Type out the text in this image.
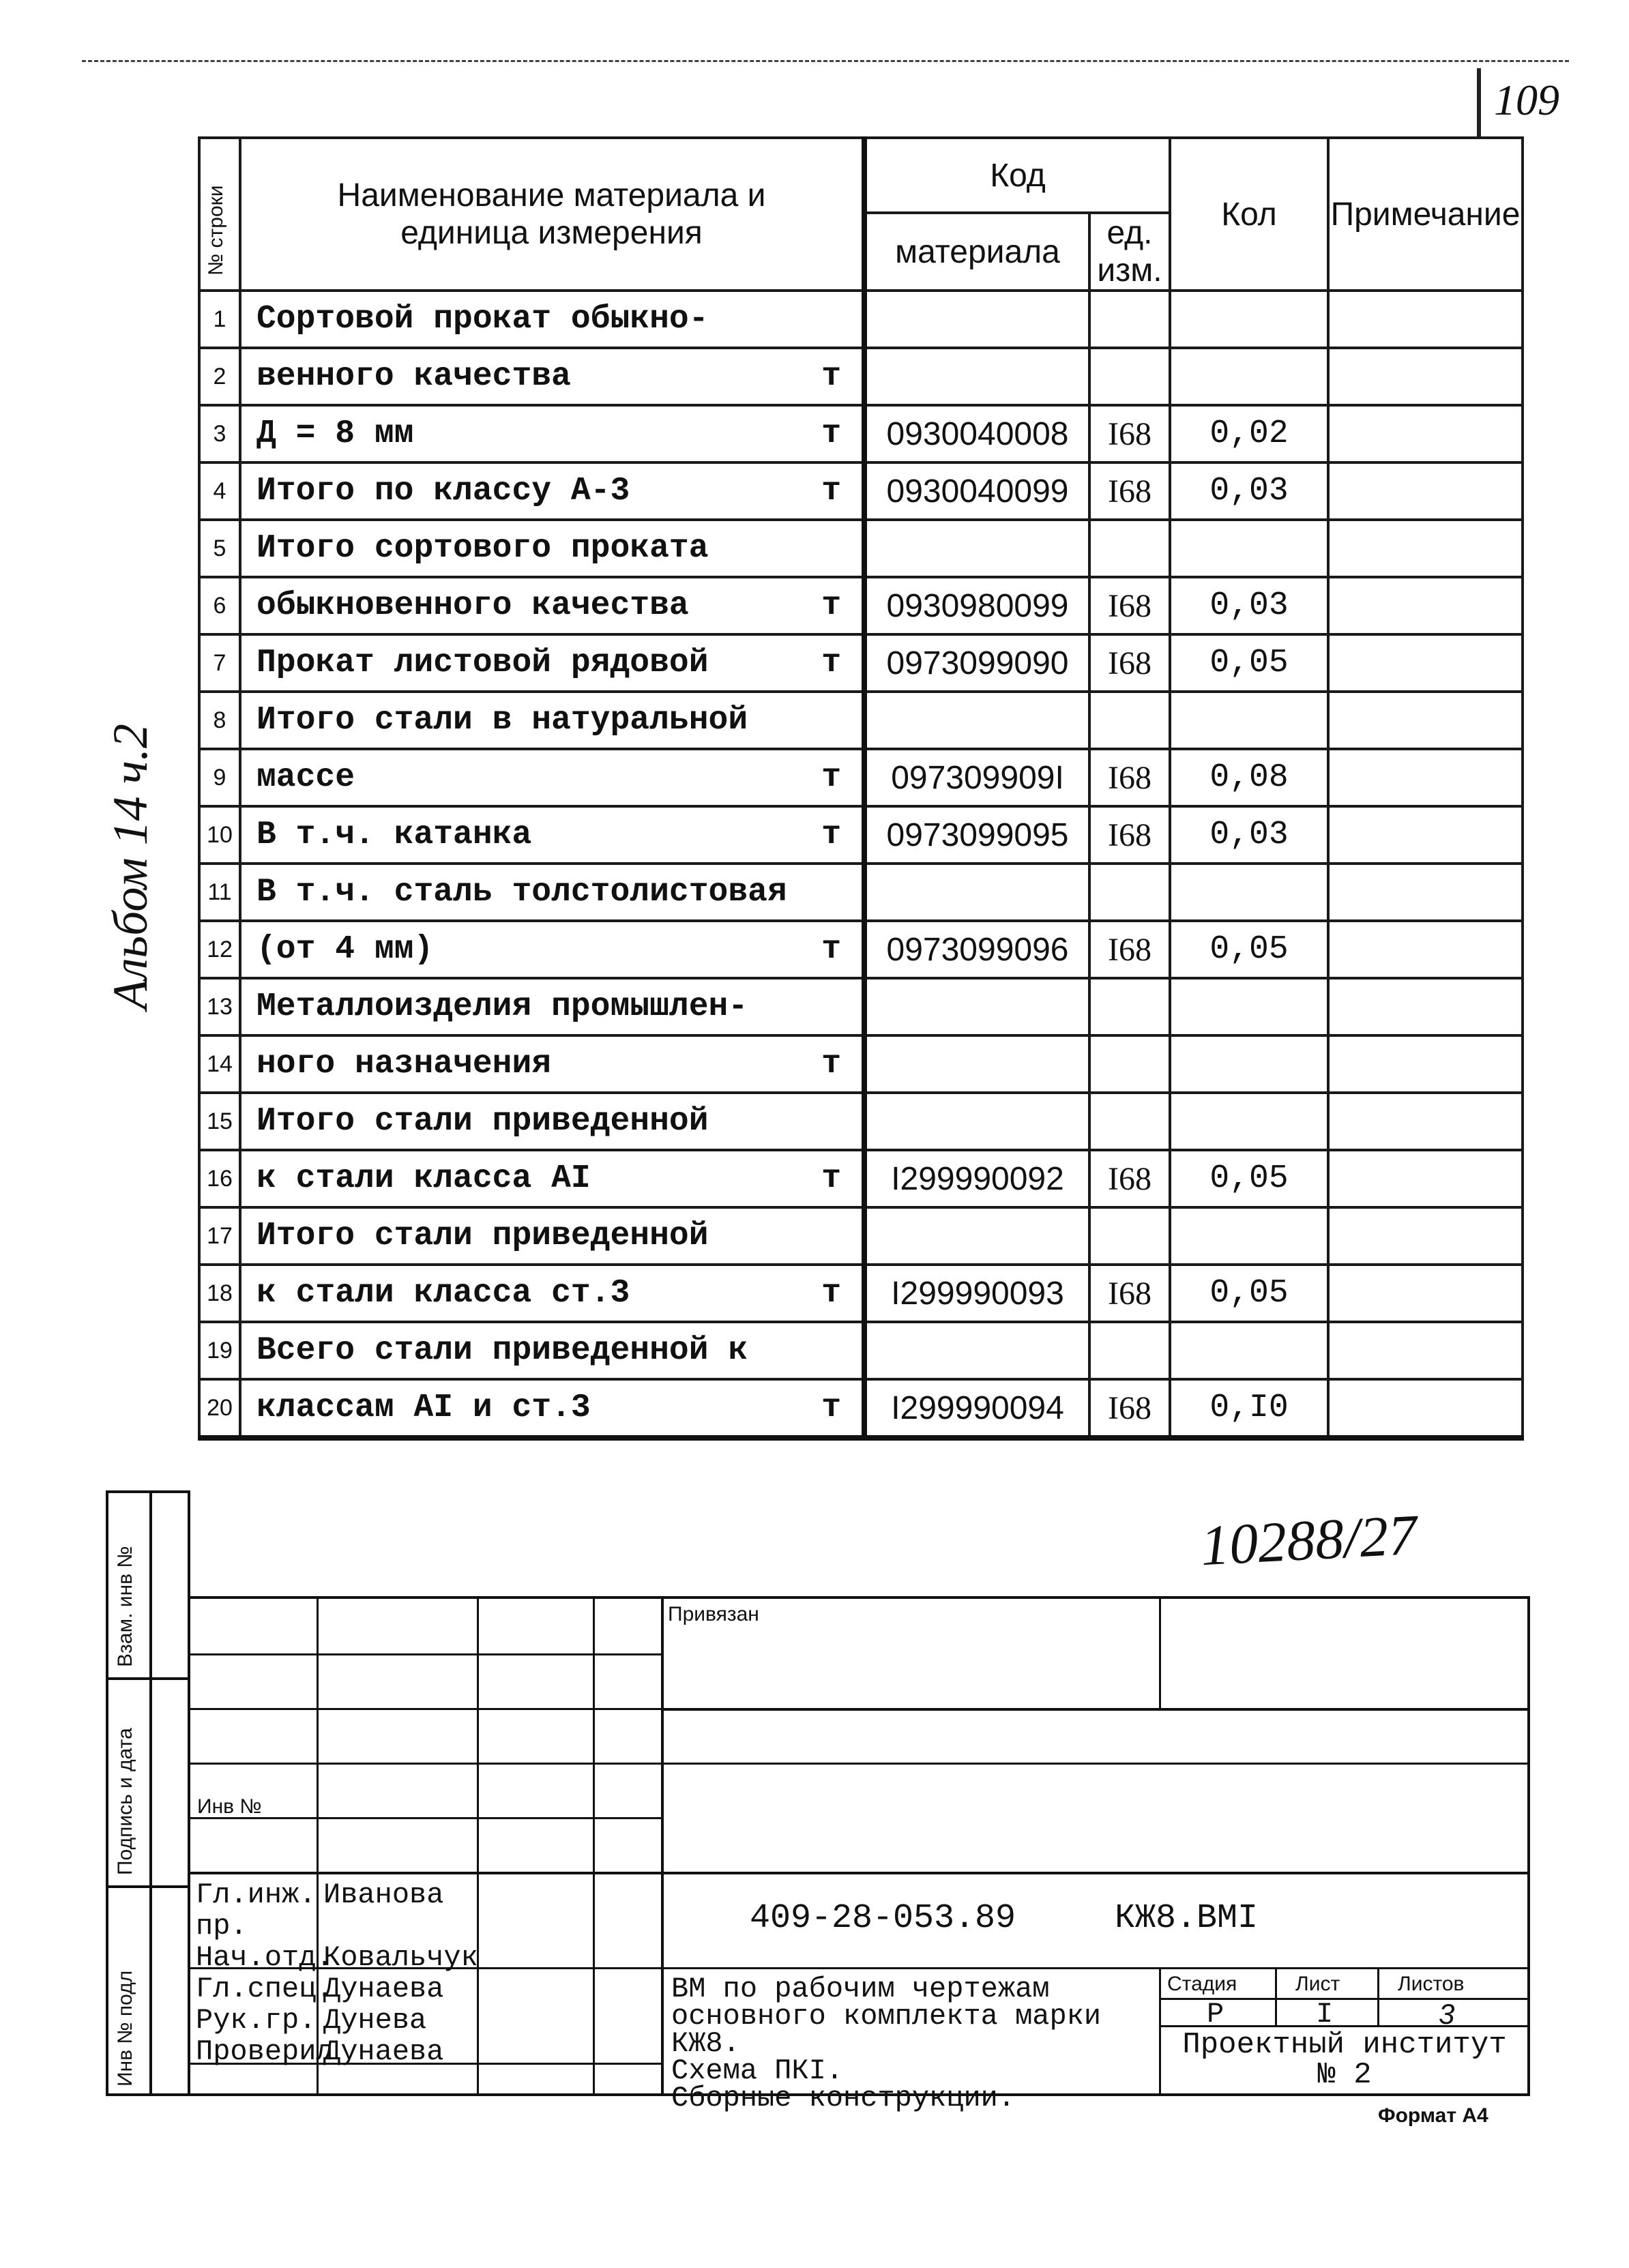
109
№ строки	Наименование материала и единица измерения	Код		Кол	Примечание
		материала	ед. изм.		
1	Сортовой прокат обыкно-

2	венного качества т				

3	Д = 8 мм т	0930040008	I68	0,02	
4	Итого по классу А-3 т	0930040099	I68	0,03	
5	Итого сортового проката

6	обыкновенного качества т	0930980099	I68	0,03	
7	Прокат листовой рядовой т	0973099090	I68	0,05	
8	Итого стали в натуральной

9	массе т	097309909I	I68	0,08	
10	В т.ч. катанка т	0973099095	I68	0,03	
11	В т.ч. сталь толстолистовая

12	(от 4 мм) т	0973099096	I68	0,05	
13	Металлоизделия промышлен-

14	ного назначения т				

15	Итого стали приведенной

16	к стали класса АI т	I299990092	I68	0,05	
17	Итого стали приведенной

18	к стали класса ст.3 т	I299990093	I68	0,05	
19	Всего стали приведенной к

20	классам АI и ст.3 т	I299990094	I68	0,I0	
Альбом 14 ч.2
10288/27
Взам. инв №
Подпись и дата
Инв № подл
Привязан
Инв №
Гл.инж. Иванова
пр.
Нач.отд.
Ковальчук
Гл.спец.
Дунаева
Рук.гр. Дунева
Проверил
Дунаева
409-28-053.89	КЖ8.ВМI
ВМ по рабочим чертежам
основного комплекта марки
КЖ8.
Схема ПКI.
Сборные конструкции.
Стадия	Лист	Листов
Р	I	3
Проектный институт № 2
Формат А4
